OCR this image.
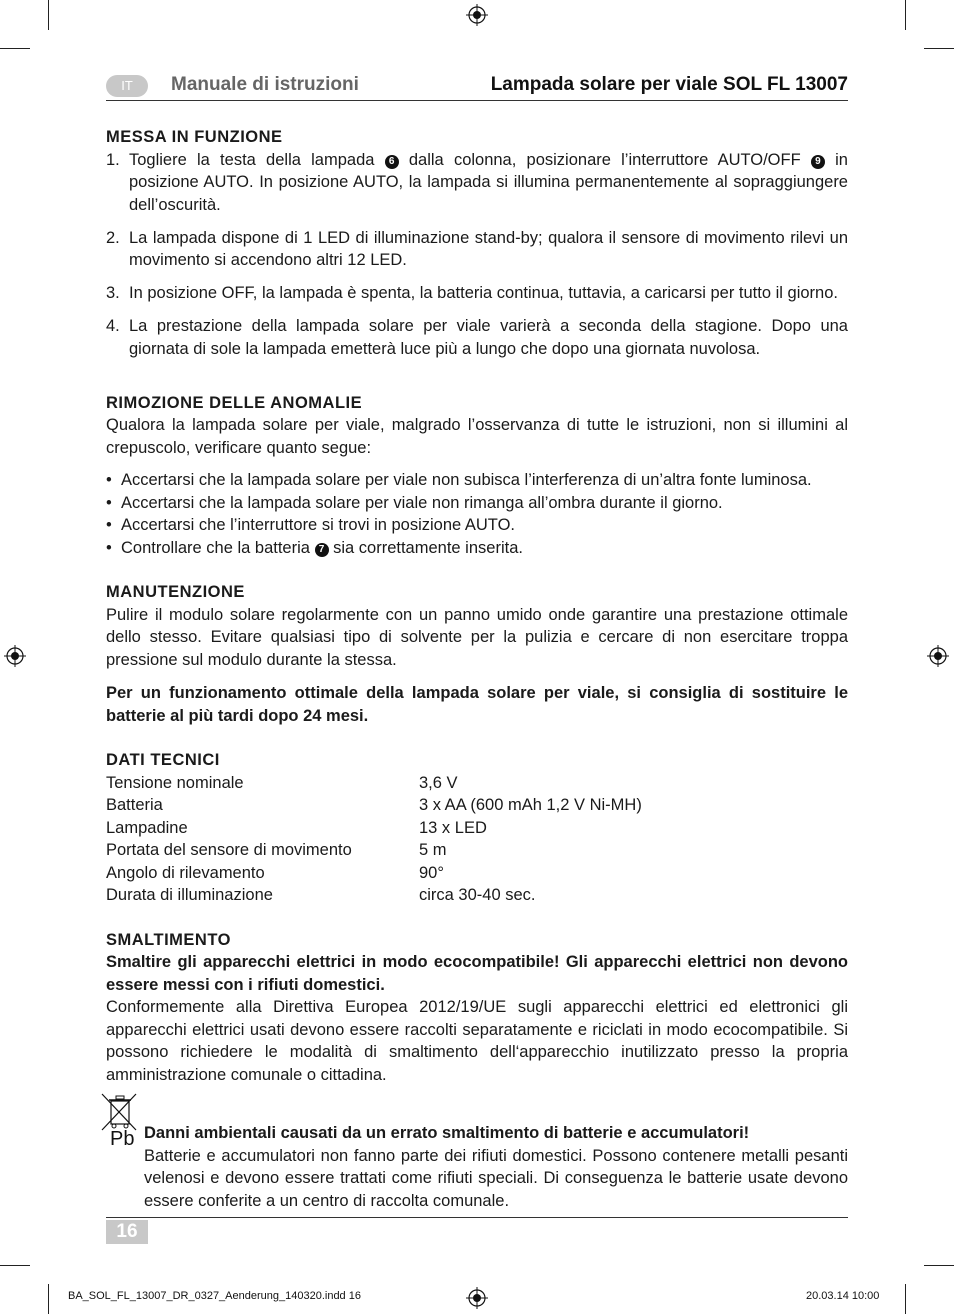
IT	Manuale di istruzioni	Lampada solare per viale SOL FL 13007
MESSA IN FUNZIONE
1. Togliere la testa della lampada 6 dalla colonna, posizionare l’interruttore AUTO/OFF 9 in posizione AUTO. In posizione AUTO, la lampada si illumina permanentemente al sopraggiungere dell’oscurità.
2. La lampada dispone di 1 LED di illuminazione stand-by; qualora il sensore di movimento rilevi un movimento si accendono altri 12 LED.
3. In posizione OFF, la lampada è spenta, la batteria continua, tuttavia, a caricarsi per tutto il giorno.
4. La prestazione della lampada solare per viale varierà a seconda della stagione. Dopo una giornata di sole la lampada emetterà luce più a lungo che dopo una giornata nuvolosa.
RIMOZIONE DELLE ANOMALIE

Qualora la lampada solare per viale, malgrado l’osservanza di tutte le istruzioni, non si illumini al crepuscolo, verificare quanto segue:

• Accertarsi che la lampada solare per viale non subisca l’interferenza di un’altra fonte luminosa.
• Accertarsi che la lampada solare per viale non rimanga all’ombra durante il giorno.
• Accertarsi che l’interruttore si trovi in posizione AUTO.
• Controllare che la batteria 7 sia correttamente inserita.
MANUTENZIONE

Pulire il modulo solare regolarmente con un panno umido onde garantire una prestazione ottimale dello stesso. Evitare qualsiasi tipo di solvente per la pulizia e cercare di non esercitare troppa pressione sul modulo durante la stessa.

Per un funzionamento ottimale della lampada solare per viale, si consiglia di sostituire le batterie al più tardi dopo 24 mesi.

DATI TECNICI
Tensione nominale	3,6 V
Batteria	3 x AA (600 mAh 1,2 V Ni-MH)
Lampadine	13 x LED
Portata del sensore di movimento	5 m
Angolo di rilevamento	90°
Durata di illuminazione	circa 30-40 sec.
SMALTIMENTO

Smaltire gli apparecchi elettrici in modo ecocompatibile! Gli apparecchi elettrici non devono essere messi con i rifiuti domestici.

Conformemente alla Direttiva Europea 2012/19/UE sugli apparecchi elettrici ed elettronici gli apparecchi elettrici usati devono essere raccolti separatamente e riciclati in modo ecocompatibile. Si possono richiedere le modalità di smaltimento dell‘apparecchio inutilizzato presso la propria amministrazione comunale o cittadina.

Pb Danni ambientali causati da un errato smaltimento di batterie e accumulatori!

Batterie e accumulatori non fanno parte dei rifiuti domestici. Possono contenere metalli pesanti velenosi e devono essere trattati come rifiuti speciali. Di conseguenza le batterie usate devono essere conferite a un centro di raccolta comunale.

16
BA_SOL_FL_13007_DR_0327_Aenderung_140320.indd 16	20.03.14 10:00
